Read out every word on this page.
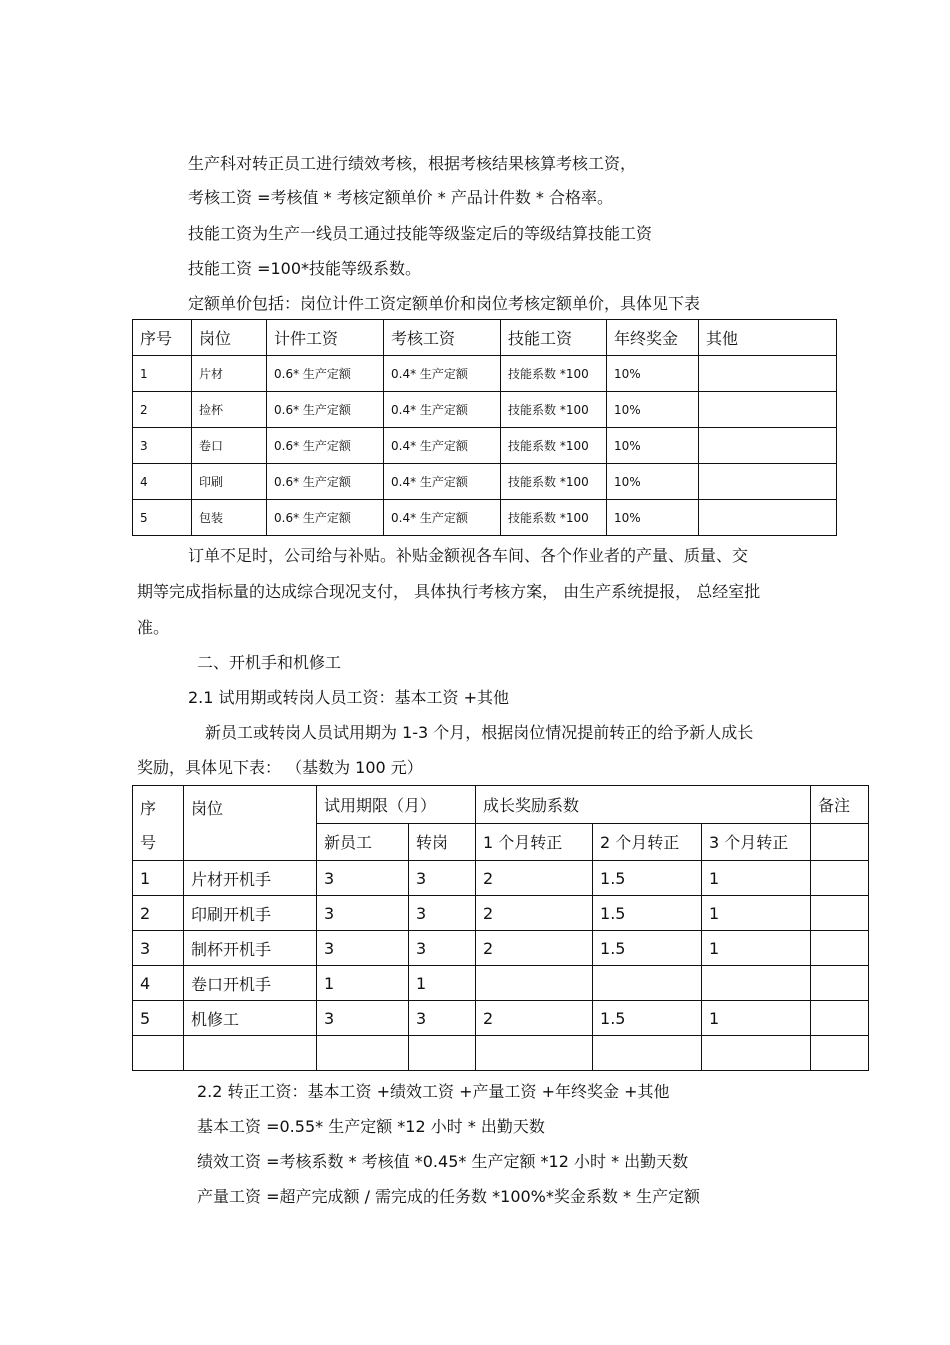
生产科对转正员工进行绩效考核，根据考核结果核算考核工资，
考核工资 =考核值 * 考核定额单价 * 产品计件数 * 合格率。
技能工资为生产一线员工通过技能等级鉴定后的等级结算技能工资
技能工资 =100*技能等级系数。
定额单价包括：岗位计件工资定额单价和岗位考核定额单价，具体见下表
序号	岗位	计件工资	考核工资	技能工资	年终奖金	其他
1	片材	0.6* 生产定额	0.4* 生产定额	技能系数 *100	10%	
2	捡杯	0.6* 生产定额	0.4* 生产定额	技能系数 *100	10%	
3	卷口	0.6* 生产定额	0.4* 生产定额	技能系数 *100	10%	
4	印刷	0.6* 生产定额	0.4* 生产定额	技能系数 *100	10%	
5	包装	0.6* 生产定额	0.4* 生产定额	技能系数 *100	10%	
订单不足时，公司给与补贴。补贴金额视各车间、各个作业者的产量、质量、交
期等完成指标量的达成综合现况支付， 具体执行考核方案， 由生产系统提报， 总经室批
准。
二、开机手和机修工
2.1 试用期或转岗人员工资：基本工资 +其他
新员工或转岗人员试用期为 1-3 个月，根据岗位情况提前转正的给予新人成长
奖励，具体见下表： （基数为 100 元）
序
号	岗位	试用期限（月）		成长奖励系数			备注
		新员工	转岗	1 个月转正	2 个月转正	3 个月转正	
1	片材开机手	3	3	2	1.5	1	
2	印刷开机手	3	3	2	1.5	1	
3	制杯开机手	3	3	2	1.5	1	
4	卷口开机手	1	1				
5	机修工	3	3	2	1.5	1	

2.2 转正工资：基本工资 +绩效工资 +产量工资 +年终奖金 +其他
基本工资 =0.55* 生产定额 *12 小时 * 出勤天数
绩效工资 =考核系数 * 考核值 *0.45* 生产定额 *12 小时 * 出勤天数
产量工资 =超产完成额 / 需完成的任务数 *100%*奖金系数 * 生产定额
